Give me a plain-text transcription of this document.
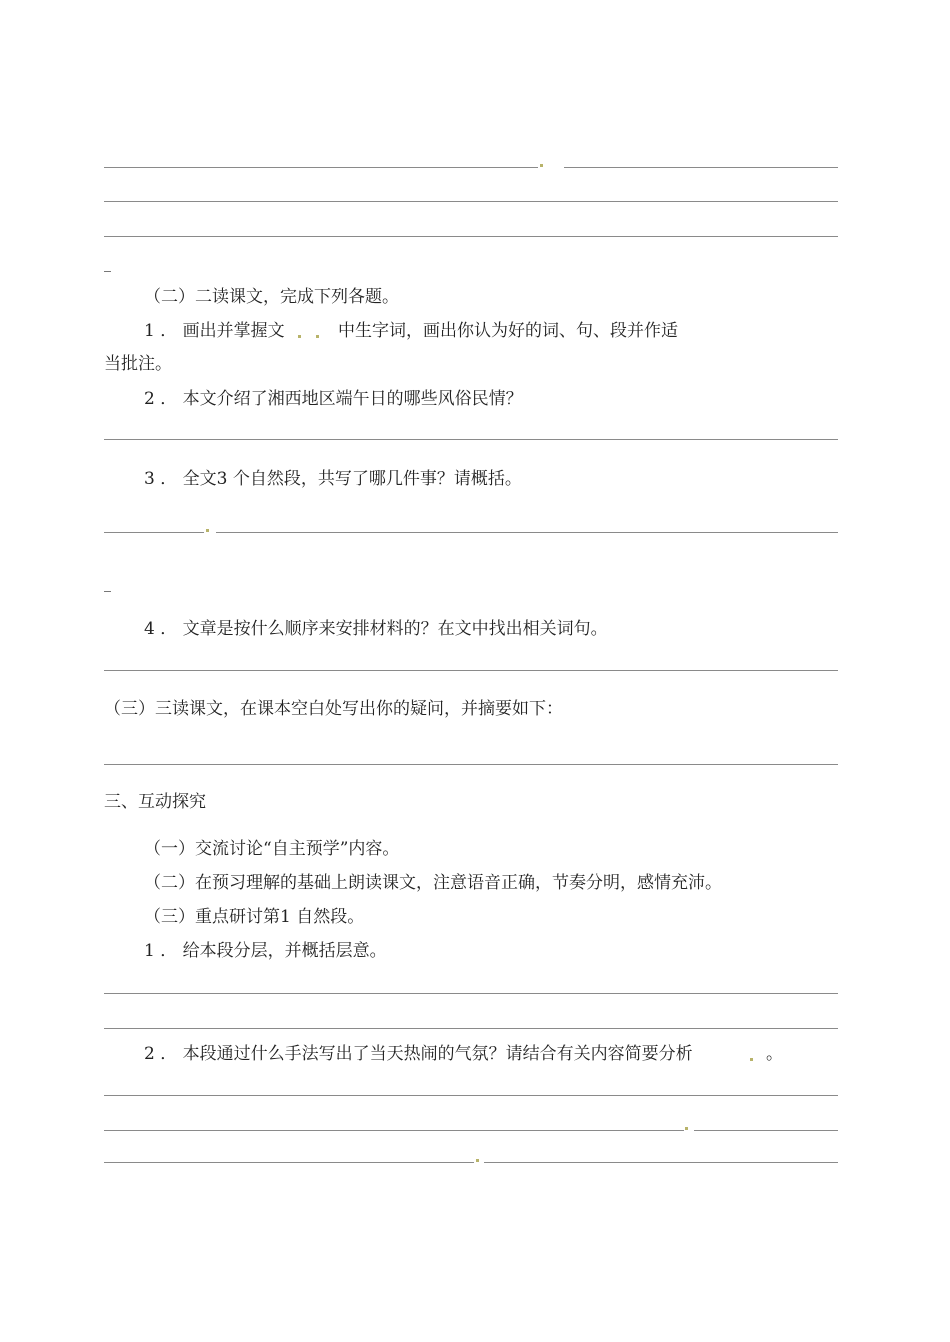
（二）二读课文，完成下列各题。
1 ． 画出并掌握文	中生字词，画出你认为好的词、句、段并作适
当批注。
2 ． 本文介绍了湘西地区端午日的哪些风俗民情？
3 ． 全文3 个自然段，共写了哪几件事？请概括。
4 ． 文章是按什么顺序来安排材料的？在文中找出相关词句。
（三）三读课文，在课本空白处写出你的疑问，并摘要如下：
三、互动探究
（一）交流讨论“自主预学”内容。
（二）在预习理解的基础上朗读课文，注意语音正确，节奏分明，感情充沛。
（三）重点研讨第1 自然段。
1 ． 给本段分层，并概括层意。
2 ． 本段通过什么手法写出了当天热闹的气氛？请结合有关内容简要分析	。
